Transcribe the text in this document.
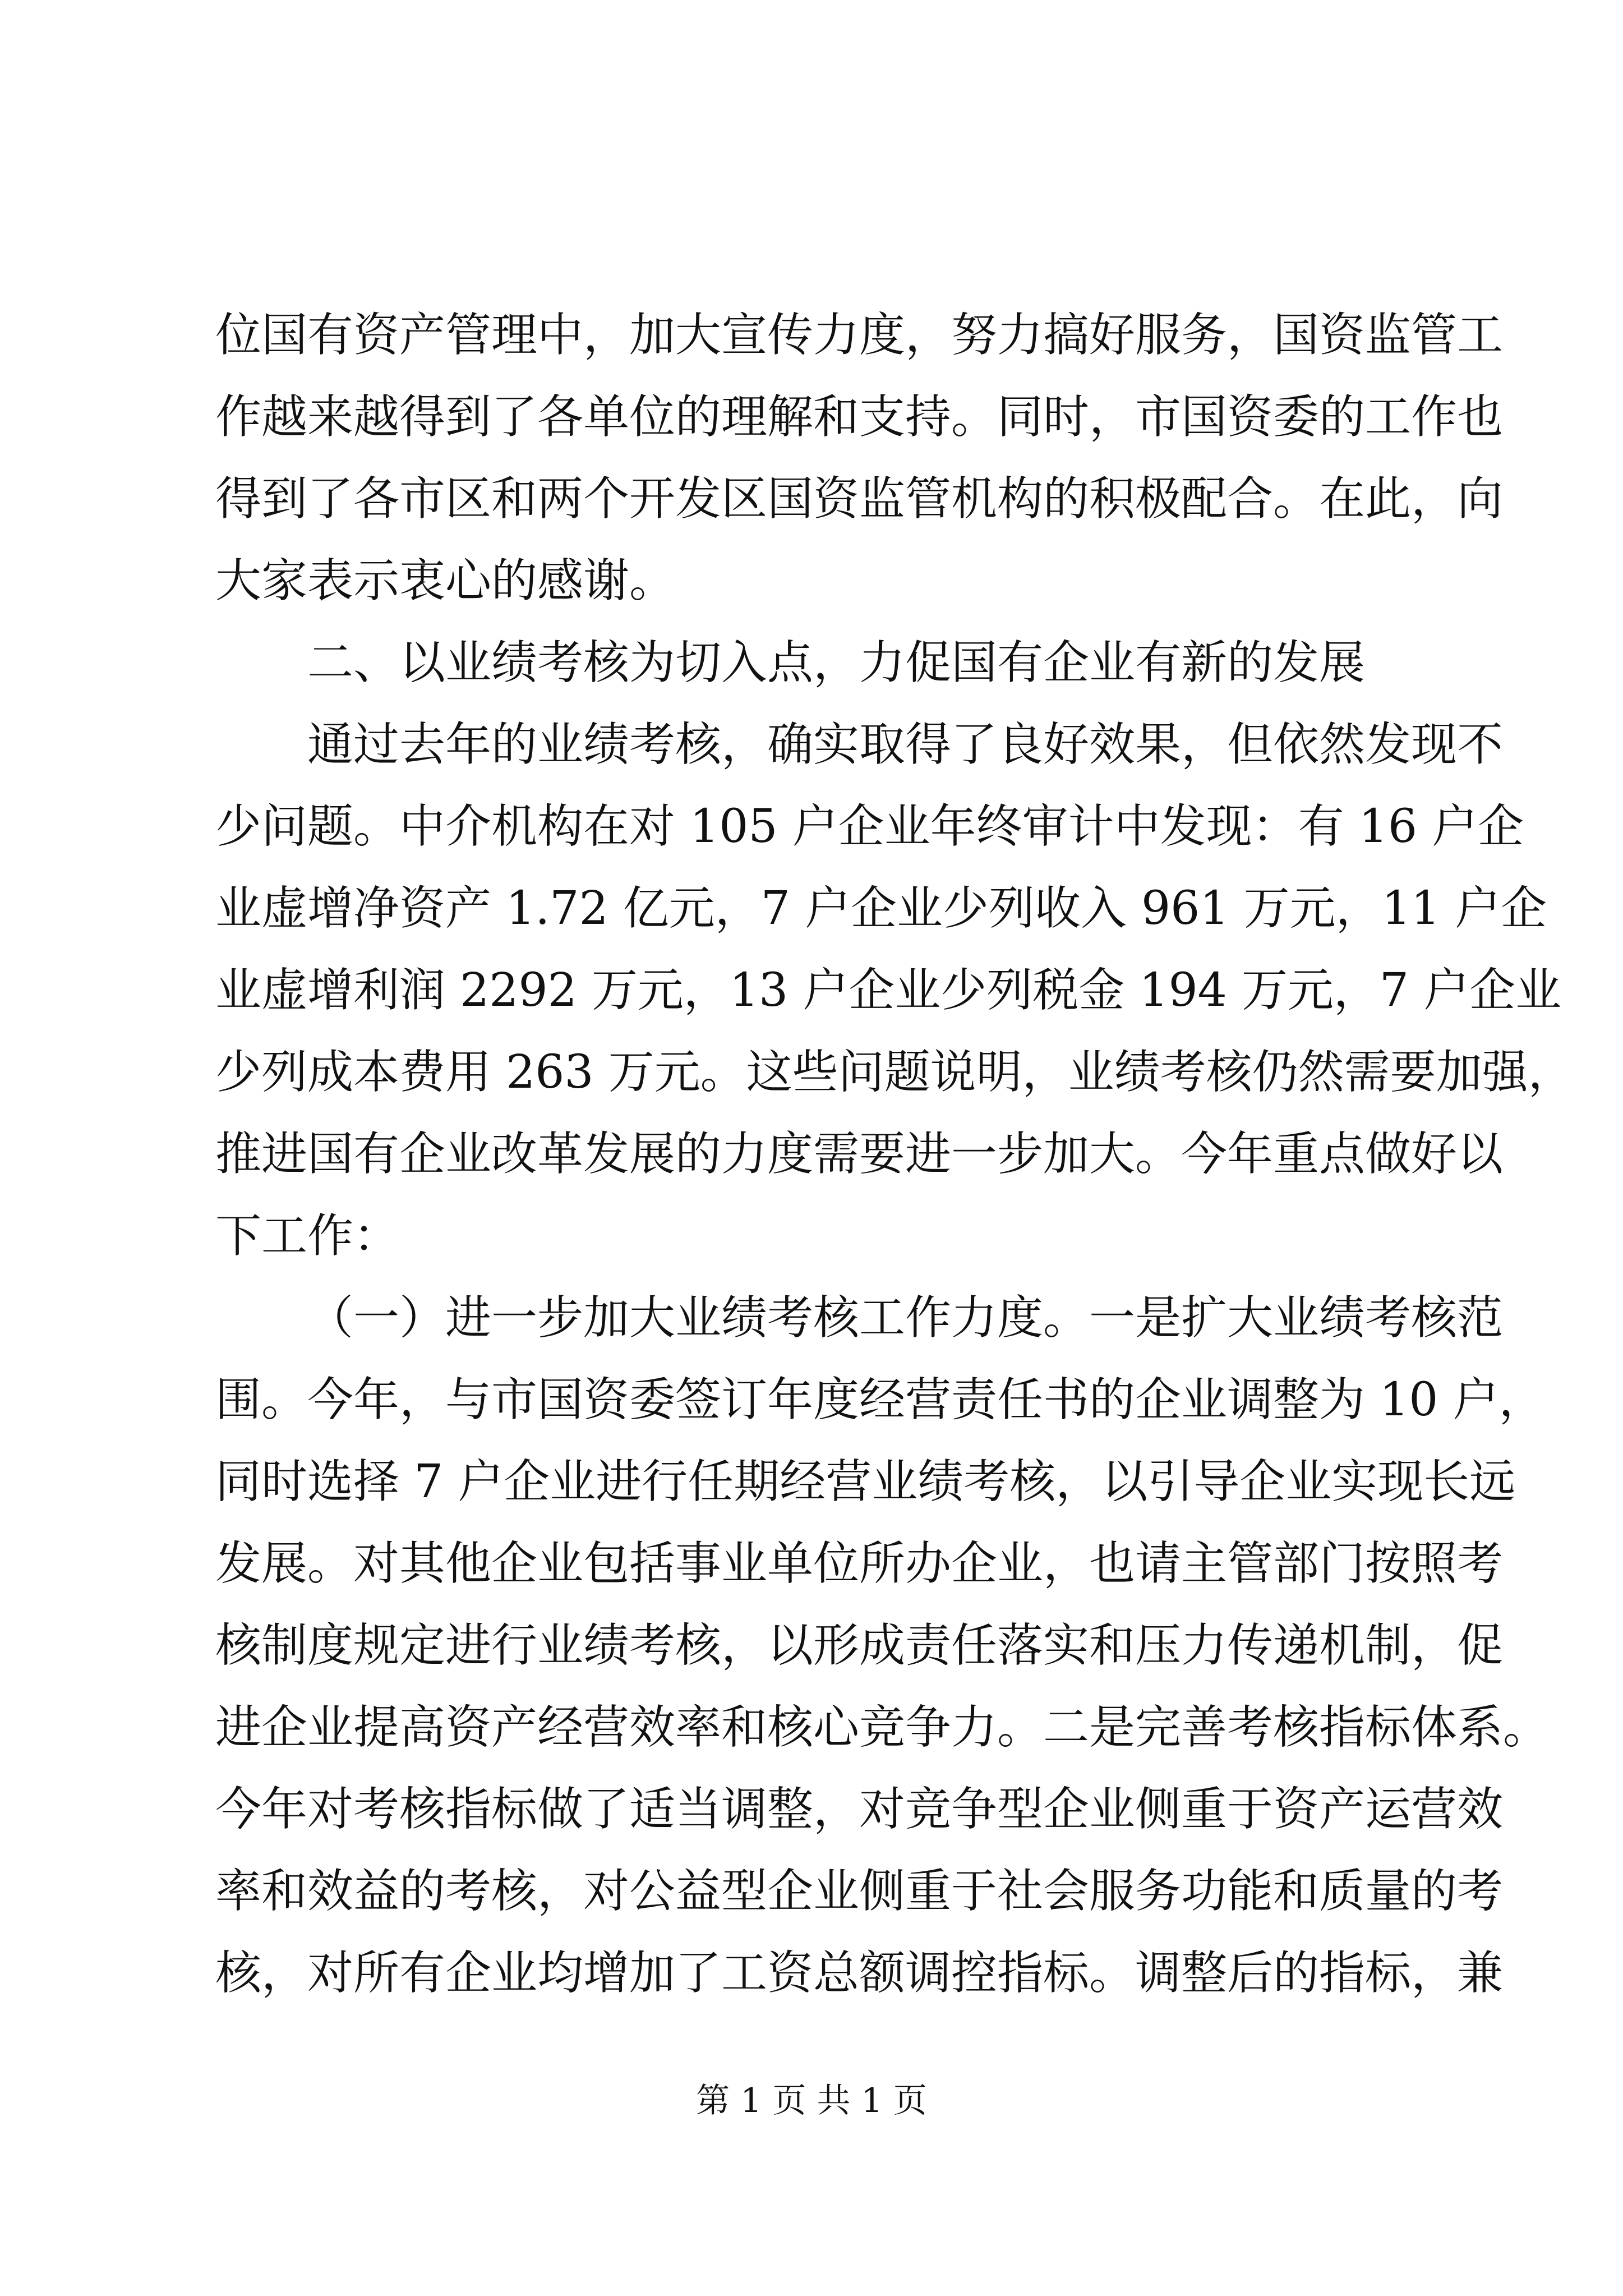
位国有资产管理中，加大宣传力度，努力搞好服务，国资监管工
作越来越得到了各单位的理解和支持。同时，市国资委的工作也
得到了各市区和两个开发区国资监管机构的积极配合。在此，向
大家表示衷心的感谢。
二、以业绩考核为切入点，力促国有企业有新的发展
通过去年的业绩考核，确实取得了良好效果，但依然发现不
少问题。中介机构在对 105 户企业年终审计中发现：有 16 户企
业虚增净资产 1.72 亿元，7 户企业少列收入 961 万元，11 户企
业虚增利润 2292 万元，13 户企业少列税金 194 万元，7 户企业
少列成本费用 263 万元。这些问题说明，业绩考核仍然需要加强，
推进国有企业改革发展的力度需要进一步加大。今年重点做好以
下工作：
（一）进一步加大业绩考核工作力度。一是扩大业绩考核范
围。今年，与市国资委签订年度经营责任书的企业调整为 10 户，
同时选择 7 户企业进行任期经营业绩考核，以引导企业实现长远
发展。对其他企业包括事业单位所办企业，也请主管部门按照考
核制度规定进行业绩考核，以形成责任落实和压力传递机制，促
进企业提高资产经营效率和核心竞争力。二是完善考核指标体系。
今年对考核指标做了适当调整，对竞争型企业侧重于资产运营效
率和效益的考核，对公益型企业侧重于社会服务功能和质量的考
核，对所有企业均增加了工资总额调控指标。调整后的指标，兼
第 1 页 共 1 页
